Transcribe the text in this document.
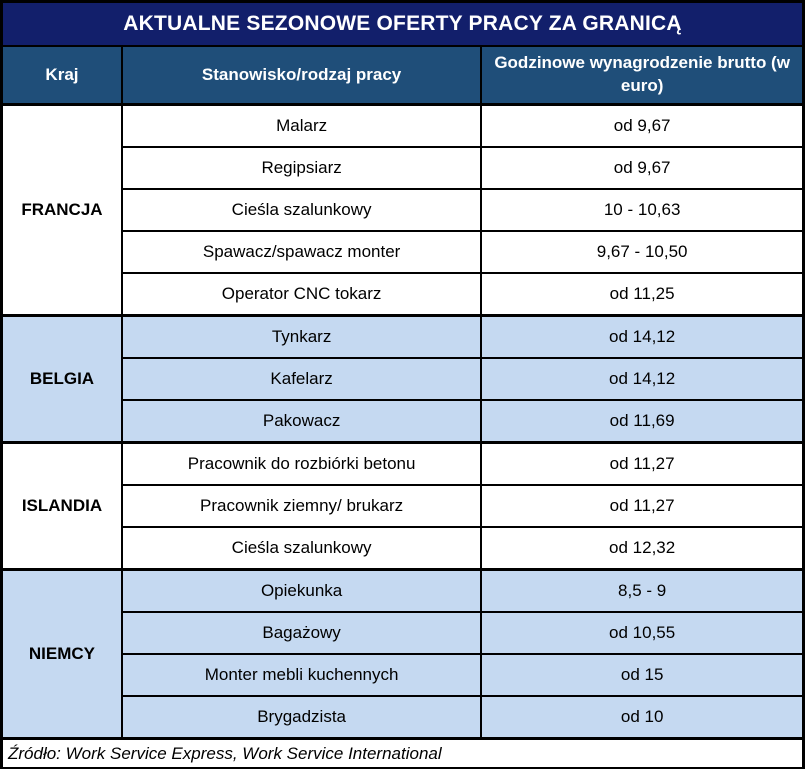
AKTUALNE SEZONOWE OFERTY PRACY ZA GRANICĄ		
Kraj	Stanowisko/rodzaj pracy	Godzinowe wynagrodzenie brutto (w euro)
FRANCJA	Malarz	od 9,67
	Regipsiarz	od 9,67
	Cieśla szalunkowy	10 - 10,63
	Spawacz/spawacz monter	9,67 - 10,50
	Operator CNC tokarz	od 11,25
BELGIA	Tynkarz	od 14,12
	Kafelarz	od 14,12
	Pakowacz	od 11,69
ISLANDIA	Pracownik do rozbiórki betonu	od 11,27
	Pracownik ziemny/ brukarz	od 11,27
	Cieśla szalunkowy	od 12,32
NIEMCY	Opiekunka	8,5 - 9
	Bagażowy	od 10,55
	Monter mebli kuchennych	od 15
	Brygadzista	od 10
Źródło: Work Service Express, Work Service International		
